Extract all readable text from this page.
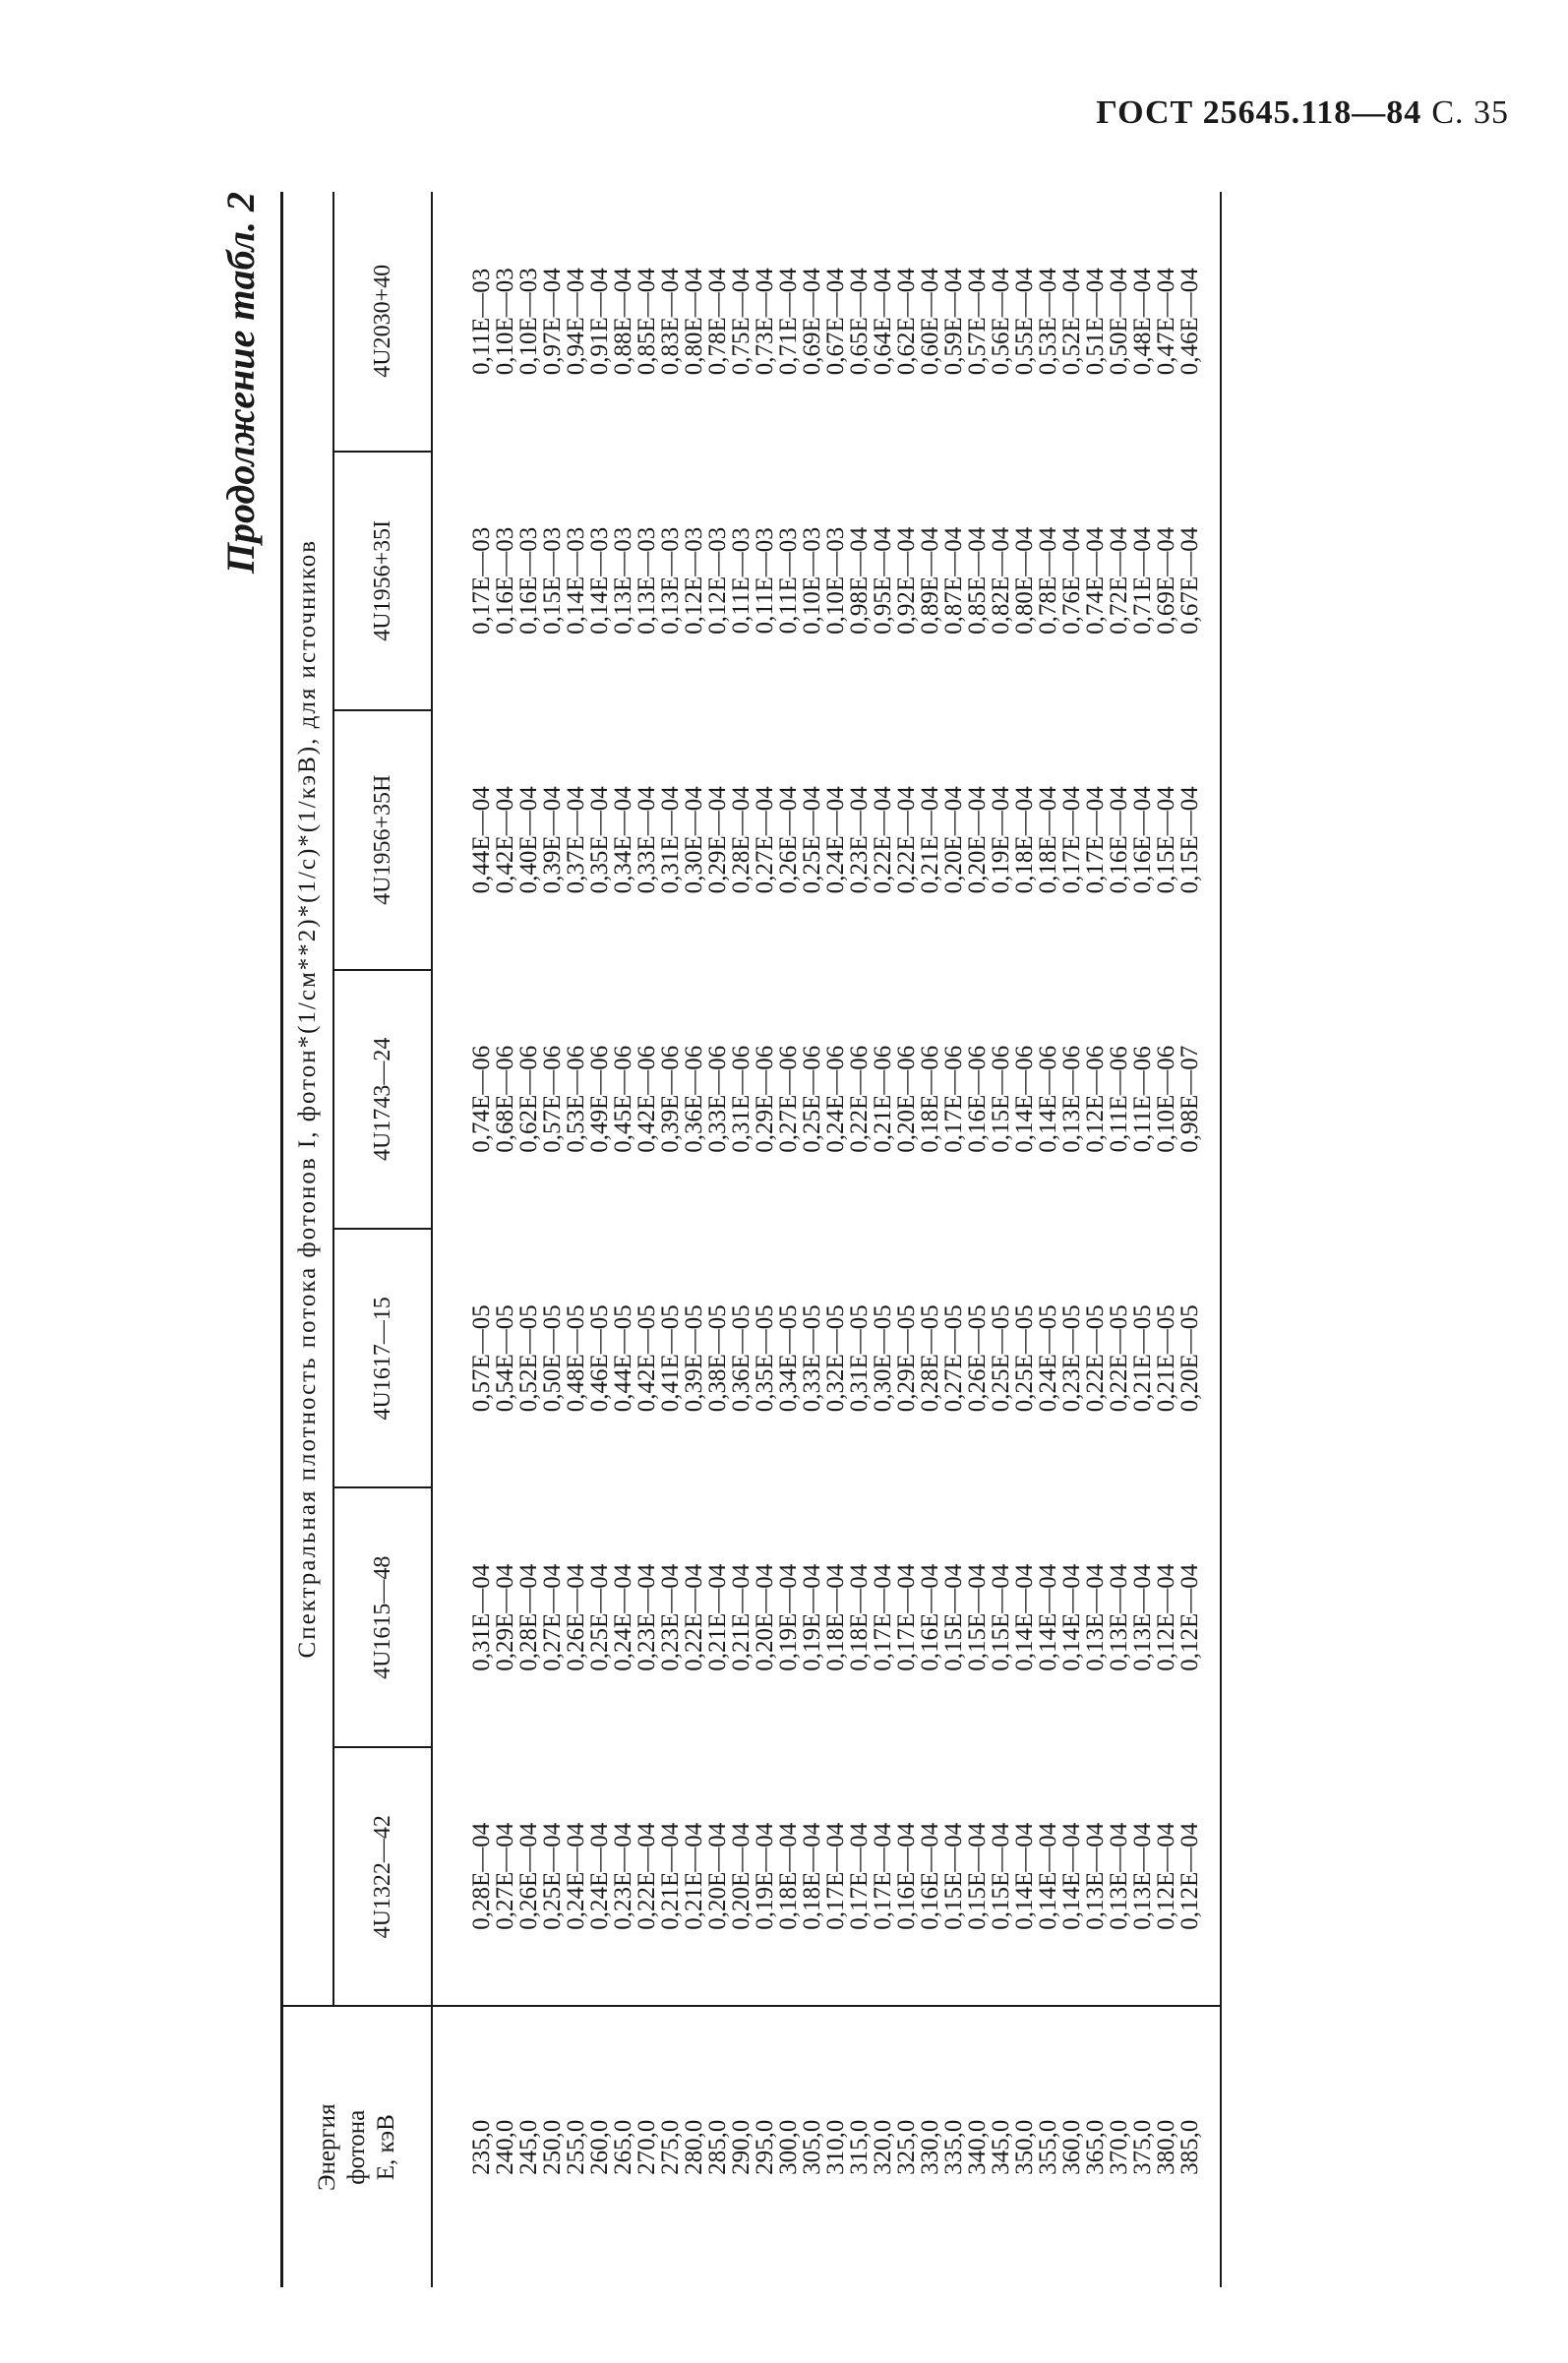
ГОСТ 25645.118—84 С. 35
Продолжение табл. 2

Энергия фотона E, кэВ	Спектральная плотность потока фотонов I, фотон*(1/см**2)*(1/с)*(1/кэВ), для источников						
	4U1322—42	4U1615—48	4U1617—15	4U1743—24	4U1956+35H	4U1956+35I	4U2030+40

235,0	0,28E—04	0,31E—04	0,57E—05	0,74E—06	0,44E—04	0,17E—03	0,11E—03
240,0	0,27E—04	0,29E—04	0,54E—05	0,68E—06	0,42E—04	0,16E—03	0,10E—03
245,0	0,26E—04	0,28E—04	0,52E—05	0,62E—06	0,40E—04	0,16E—03	0,10E—03
250,0	0,25E—04	0,27E—04	0,50E—05	0,57E—06	0,39E—04	0,15E—03	0,97E—04
255,0	0,24E—04	0,26E—04	0,48E—05	0,53E—06	0,37E—04	0,14E—03	0,94E—04
260,0	0,24E—04	0,25E—04	0,46E—05	0,49E—06	0,35E—04	0,14E—03	0,91E—04
265,0	0,23E—04	0,24E—04	0,44E—05	0,45E—06	0,34E—04	0,13E—03	0,88E—04
270,0	0,22E—04	0,23E—04	0,42E—05	0,42E—06	0,33E—04	0,13E—03	0,85E—04
275,0	0,21E—04	0,23E—04	0,41E—05	0,39E—06	0,31E—04	0,13E—03	0,83E—04
280,0	0,21E—04	0,22E—04	0,39E—05	0,36E—06	0,30E—04	0,12E—03	0,80E—04
285,0	0,20E—04	0,21E—04	0,38E—05	0,33E—06	0,29E—04	0,12E—03	0,78E—04
290,0	0,20E—04	0,21E—04	0,36E—05	0,31E—06	0,28E—04	0,11E—03	0,75E—04
295,0	0,19E—04	0,20E—04	0,35E—05	0,29E—06	0,27E—04	0,11E—03	0,73E—04
300,0	0,18E—04	0,19E—04	0,34E—05	0,27E—06	0,26E—04	0,11E—03	0,71E—04
305,0	0,18E—04	0,19E—04	0,33E—05	0,25E—06	0,25E—04	0,10E—03	0,69E—04
310,0	0,17E—04	0,18E—04	0,32E—05	0,24E—06	0,24E—04	0,10E—03	0,67E—04
315,0	0,17E—04	0,18E—04	0,31E—05	0,22E—06	0,23E—04	0,98E—04	0,65E—04
320,0	0,17E—04	0,17E—04	0,30E—05	0,21E—06	0,22E—04	0,95E—04	0,64E—04
325,0	0,16E—04	0,17E—04	0,29E—05	0,20E—06	0,22E—04	0,92E—04	0,62E—04
330,0	0,16E—04	0,16E—04	0,28E—05	0,18E—06	0,21E—04	0,89E—04	0,60E—04
335,0	0,15E—04	0,15E—04	0,27E—05	0,17E—06	0,20E—04	0,87E—04	0,59E—04
340,0	0,15E—04	0,15E—04	0,26E—05	0,16E—06	0,20E—04	0,85E—04	0,57E—04
345,0	0,15E—04	0,15E—04	0,25E—05	0,15E—06	0,19E—04	0,82E—04	0,56E—04
350,0	0,14E—04	0,14E—04	0,25E—05	0,14E—06	0,18E—04	0,80E—04	0,55E—04
355,0	0,14E—04	0,14E—04	0,24E—05	0,14E—06	0,18E—04	0,78E—04	0,53E—04
360,0	0,14E—04	0,14E—04	0,23E—05	0,13E—06	0,17E—04	0,76E—04	0,52E—04
365,0	0,13E—04	0,13E—04	0,22E—05	0,12E—06	0,17E—04	0,74E—04	0,51E—04
370,0	0,13E—04	0,13E—04	0,22E—05	0,11E—06	0,16E—04	0,72E—04	0,50E—04
375,0	0,13E—04	0,13E—04	0,21E—05	0,11E—06	0,16E—04	0,71E—04	0,48E—04
380,0	0,12E—04	0,12E—04	0,21E—05	0,10E—06	0,15E—04	0,69E—04	0,47E—04
385,0	0,12E—04	0,12E—04	0,20E—05	0,98E—07	0,15E—04	0,67E—04	0,46E—04
